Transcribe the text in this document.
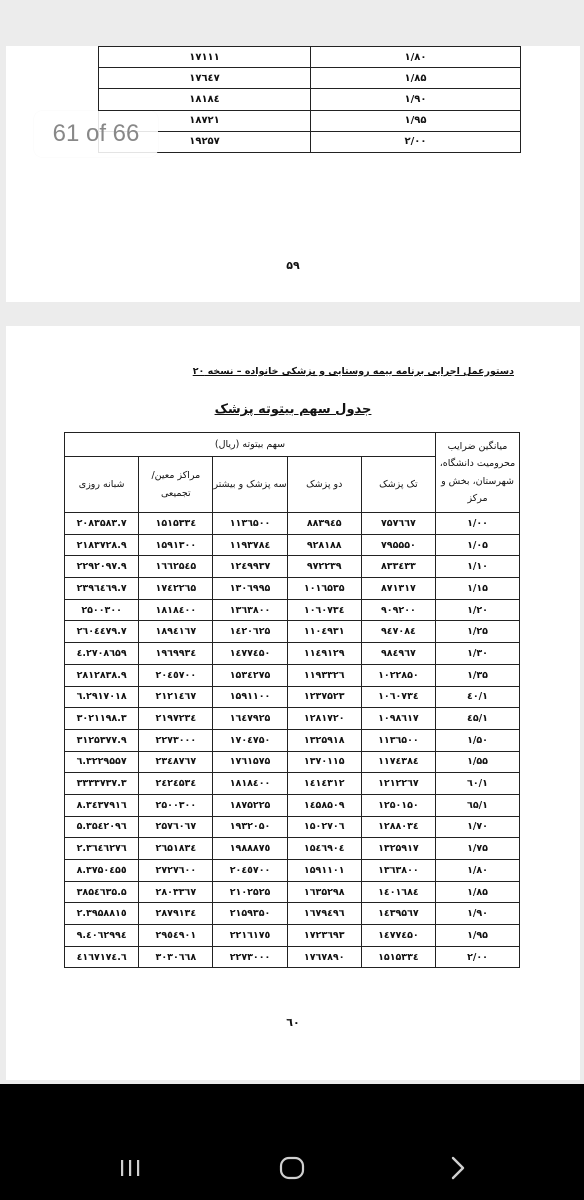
۱۷۱۱۱	۱/۸۰
۱۷٦٤۷	۱/۸۵
۱۸۱۸٤	۱/۹۰
۱۸۷۲۱	۱/۹۵
۱۹۲۵۷	۲/۰۰
۵۹
61 of 66
دستورعمل اجرایی برنامه بیمه روستایی و پزشکی خانواده – نسخه ۲۰
جدول سهم بیتوته پزشک
میانگین ضرایب محرومیت دانشگاه، شهرستان، بخش و مرکز	سهم بیتوته (ریال)				
	تک پزشک	دو پزشک	سه پزشک و بیشتر	مراکز معین/ تجمیعی	شبانه روزی
۱/۰۰	۷۵۷٦٦۷	۸۸۳۹٤۵	۱۱۳٦۵۰۰	۱۵۱۵۳۳٤	۲۰۸۳۵۸۳.۷
۱/۰۵	۷۹۵۵۵۰	۹۲۸۱۸۸	۱۱۹۳۷۸٤	۱۵۹۱۳۰۰	۲۱۸۳۷۲۸.۹
۱/۱۰	۸۳۳٤۳۳	۹۷۲۲۳۹	۱۲٤۹۹۳۷	۱٦٦۲۵٤۵	۲۲۹۲۰۹۷.۹
۱/۱۵	۸۷۱۳۱۷	۱۰۱٦۵۳۵	۱۳۰٦۹۹۵	۱۷٤۲۲٦۵	۲۳۹٦٤٦۹.۷
۱/۲۰	۹۰۹۲۰۰	۱۰٦۰۷۳٤	۱۳٦۳۸۰۰	۱۸۱۸٤۰۰	۲۵۰۰۳۰۰
۱/۲۵	۹٤۷۰۸٤	۱۱۰٤۹۳۱	۱٤۲۰٦۲۵	۱۸۹٤۱٦۷	۲٦۰٤٤۷۹.۷
۱/۳۰	۹۸٤۹٦۷	۱۱٤۹۱۲۹	۱٤۷۷٤۵۰	۱۹٦۹۹۳٤	۲۷۰۸٦۵۹.٤
۱/۳۵	۱۰۲۲۸۵۰	۱۱۹۳۳۲٦	۱۵۳٤۲۷۵	۲۰٤٥٧۰۰	۲۸۱۲۸۳۸.۹
۱/٤۰	۱۰٦۰۷۳٤	۱۲۳۷۵۲۳	۱۵۹۱۱۰۰	۲۱۲۱٤٦۷	۲۹۱۷۰۱۸.٦
۱/٤۵	۱۰۹۸٦۱۷	۱۲۸۱۷۲۰	۱٦٤۷۹۲۵	۲۱۹۷۲۳٤	۳۰۲۱۱۹۸.۳
۱/۵۰	۱۱۳٦۵۰۰	۱۳۲۵۹۱۸	۱۷۰٤۷۵۰	۲۲۷۳۰۰۰	۳۱۲۵۳۷۷.۹
۱/۵۵	۱۱۷٤۳۸٤	۱۳۷۰۱۱۵	۱۷٦۱۵۷۵	۲۳٤۸۷٦۷	۳۲۲۹۵۵۷.٦
۱/٦۰	۱۲۱۲۲٦۷	۱٤۱٤۳۱۲	۱۸۱۸٤۰۰	۲٤۲٤۵۳٤	۳۳۳۳۷۳۷.۳
۱/٦۵	۱۲۵۰۱۵۰	۱٤۵۸۵۰۹	۱۸۷۵۲۲۵	۲۵۰۰۳۰۰	۳٤۳۷۹۱٦.۸
۱/۷۰	۱۲۸۸۰۳٤	۱۵۰۲۷۰٦	۱۹۳۲۰۵۰	۲۵۷٦۰٦۷	۳۵٤۲۰۹٦.۵
۱/۷۵	۱۳۲۵۹۱۷	۱۵٤٦۹۰٤	۱۹۸۸۸۷٥	۲٦۵۱۸۳٤	۳٦٤٦۲۷٦.۲
۱/۸۰	۱۳٦۳۸۰۰	۱۵۹۱۱۰۱	۲۰٤٥۷۰۰	۲۷۲۷٦۰۰	۳۷۵۰٤۵٥.۸
۱/۸۵	۱٤۰۱٦۸٤	۱٦۳۵۲۹۸	۲۱۰۲۵۲۵	۲۸۰۳۳٦۷	۳۸۵٤٦۳۵.۵
۱/۹۰	۱٤۳۹۵٦۷	۱٦۷۹٤۹٦	۲۱۵۹۳۵۰	۲۸۷۹۱۳٤	۳۹۵۸۸۱٥.۲
۱/۹۵	۱٤۷۷٤۵۰	۱۷۲۳٦۹۳	۲۲۱٦۱۷٥	۲۹٥٤۹۰۱	٤۰٦۲۹۹٤.۹
۲/۰۰	۱۵۱۵۳۳٤	۱۷٦۷۸۹۰	۲۲۷۳۰۰۰	۳۰۳۰٦٦۸	٤۱٦۷۱۷٤.٦
٦۰
